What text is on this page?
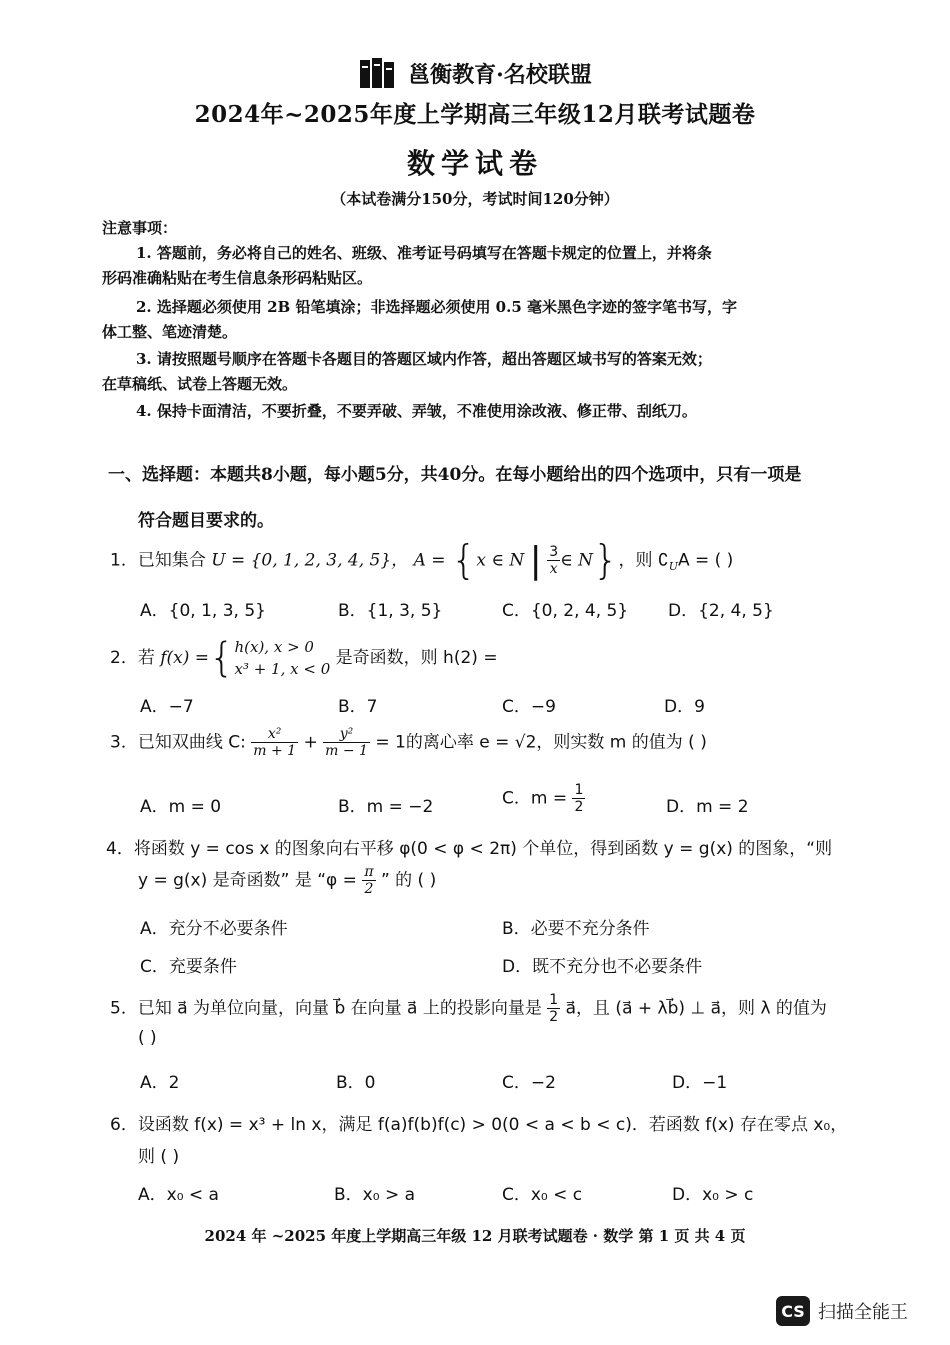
邕衡教育·名校联盟
2024年~2025年度上学期高三年级12月联考试题卷
数学试卷
（本试卷满分150分，考试时间120分钟）
注意事项：
1. 答题前，务必将自己的姓名、班级、准考证号码填写在答题卡规定的位置上，并将条
形码准确粘贴在考生信息条形码粘贴区。
2. 选择题必须使用 2B 铅笔填涂；非选择题必须使用 0.5 毫米黑色字迹的签字笔书写，字
体工整、笔迹清楚。
3. 请按照题号顺序在答题卡各题目的答题区域内作答，超出答题区域书写的答案无效；
在草稿纸、试卷上答题无效。
4. 保持卡面清洁，不要折叠，不要弄破、弄皱，不准使用涂改液、修正带、刮纸刀。
一、选择题：本题共8小题，每小题5分，共40分。在每小题给出的四个选项中，只有一项是
符合题目要求的。
1．已知集合 U = {0, 1, 2, 3, 4, 5}， A = {x ∈ N | $\frac{3}{x}$ ∈ N}，则 $∁_UA$ = ( )
A．{0, 1, 3, 5}	B．{1, 3, 5}	C．{0, 2, 4, 5} D．{2, 4, 5}
2．若 f(x) ={ h(x), x > 0
x³ + 1, x < 0
是奇函数，则 h(2) =
A．−7	B．7	C．−9	D．9
3．已知双曲线 C: $\frac{\text{x²}}{m + 1} + \frac{\text{y²}}{m - 1} = 1$的离心率 e = √2，则实数 m 的值为 ( )
A．m = 0	B．m = −2	C．$m = \frac{1}{2}$	D．m = 2
4．将函数 y = cos x 的图象向右平移 φ(0 < φ < 2π) 个单位，得到函数 y = g(x) 的图象，“则
y = g(x) 是奇函数” 是 “$\varphi = \frac{\pi}{2}$ ” 的 ( )
A．充分不必要条件	B．必要不充分条件
C．充要条件	D．既不充分也不必要条件
5．已知 a⃗ 为单位向量，向量 b⃗ 在向量 a⃗ 上的投影向量是 $\frac{1}{2}$ a⃗，且 (a⃗ + λb⃗) ⊥ a⃗，则 λ 的值为
( )
A．2	B．0	C．−2	D．−1
6．设函数 f(x) = x³ + ln x，满足 f(a)f(b)f(c) > 0(0 < a < b < c)．若函数 f(x) 存在零点 x₀，
则 ( )
A．x₀ < a	B．x₀ > a	C．x₀ < c	D．x₀ > c
2024 年 ~2025 年度上学期高三年级 12 月联考试题卷 · 数学 第 1 页 共 4 页
CS 扫描全能王
